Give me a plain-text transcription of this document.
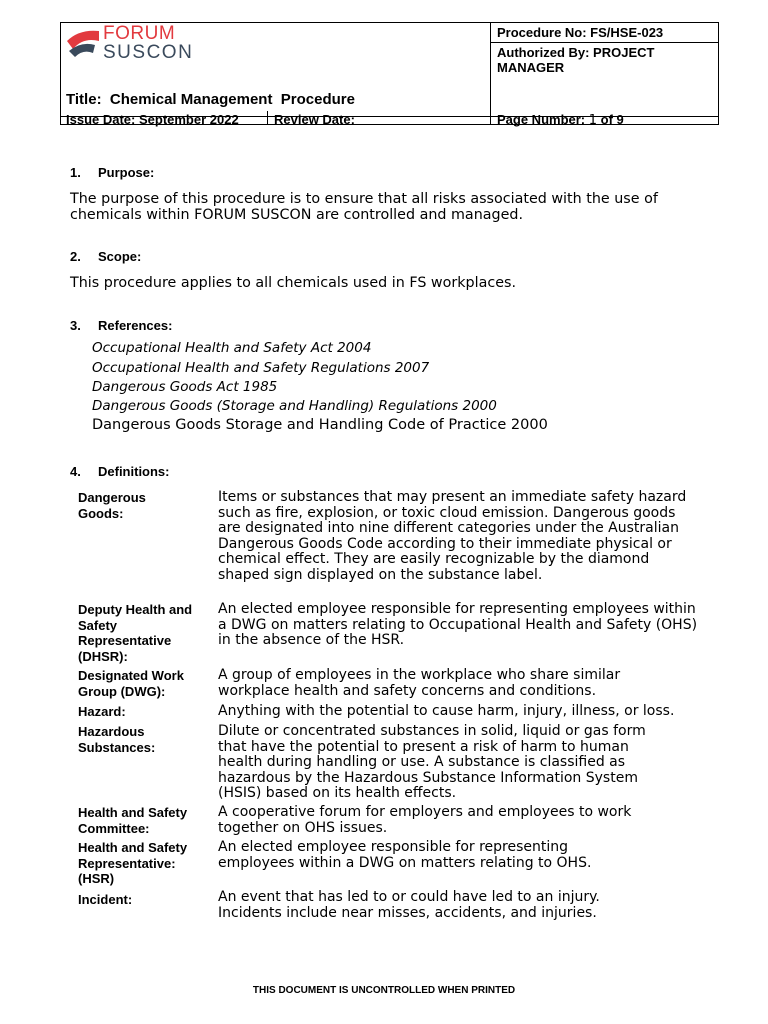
FORUM
SUSCON
Title: Chemical Management  Procedure
Procedure No: FS/HSE-023
Authorized By: PROJECT MANAGER
Issue Date: September 2022	Review Date:	Page Number: 1 of 9
1. Purpose:
The purpose of this procedure is to ensure that all risks associated with the use of chemicals within FORUM SUSCON are controlled and managed.
2. Scope:
This procedure applies to all chemicals used in FS workplaces.
3. References:
Occupational Health and Safety Act 2004
Occupational Health and Safety Regulations 2007
Dangerous Goods Act 1985
Dangerous Goods (Storage and Handling) Regulations 2000
Dangerous Goods Storage and Handling Code of Practice 2000
4. Definitions:
Dangerous Goods:
Items or substances that may present an immediate safety hazard such as fire, explosion, or toxic cloud emission. Dangerous goods are designated into nine different categories under the Australian Dangerous Goods Code according to their immediate physical or chemical effect. They are easily recognizable by the diamond shaped sign displayed on the substance label.
Deputy Health and Safety Representative (DHSR):
An elected employee responsible for representing employees within a DWG on matters relating to Occupational Health and Safety (OHS) in the absence of the HSR.
Designated Work Group (DWG):
A group of employees in the workplace who share similar workplace health and safety concerns and conditions.
Hazard:	Anything with the potential to cause harm, injury, illness, or loss.
Hazardous Substances:
Dilute or concentrated substances in solid, liquid or gas form that have the potential to present a risk of harm to human health during handling or use. A substance is classified as hazardous by the Hazardous Substance Information System (HSIS) based on its health effects.
Health and Safety Committee:
A cooperative forum for employers and employees to work together on OHS issues.
Health and Safety Representative: (HSR)
An elected employee responsible for representing employees within a DWG on matters relating to OHS.
Incident:	An event that has led to or could have led to an injury. Incidents include near misses, accidents, and injuries.
THIS DOCUMENT IS UNCONTROLLED WHEN PRINTED
